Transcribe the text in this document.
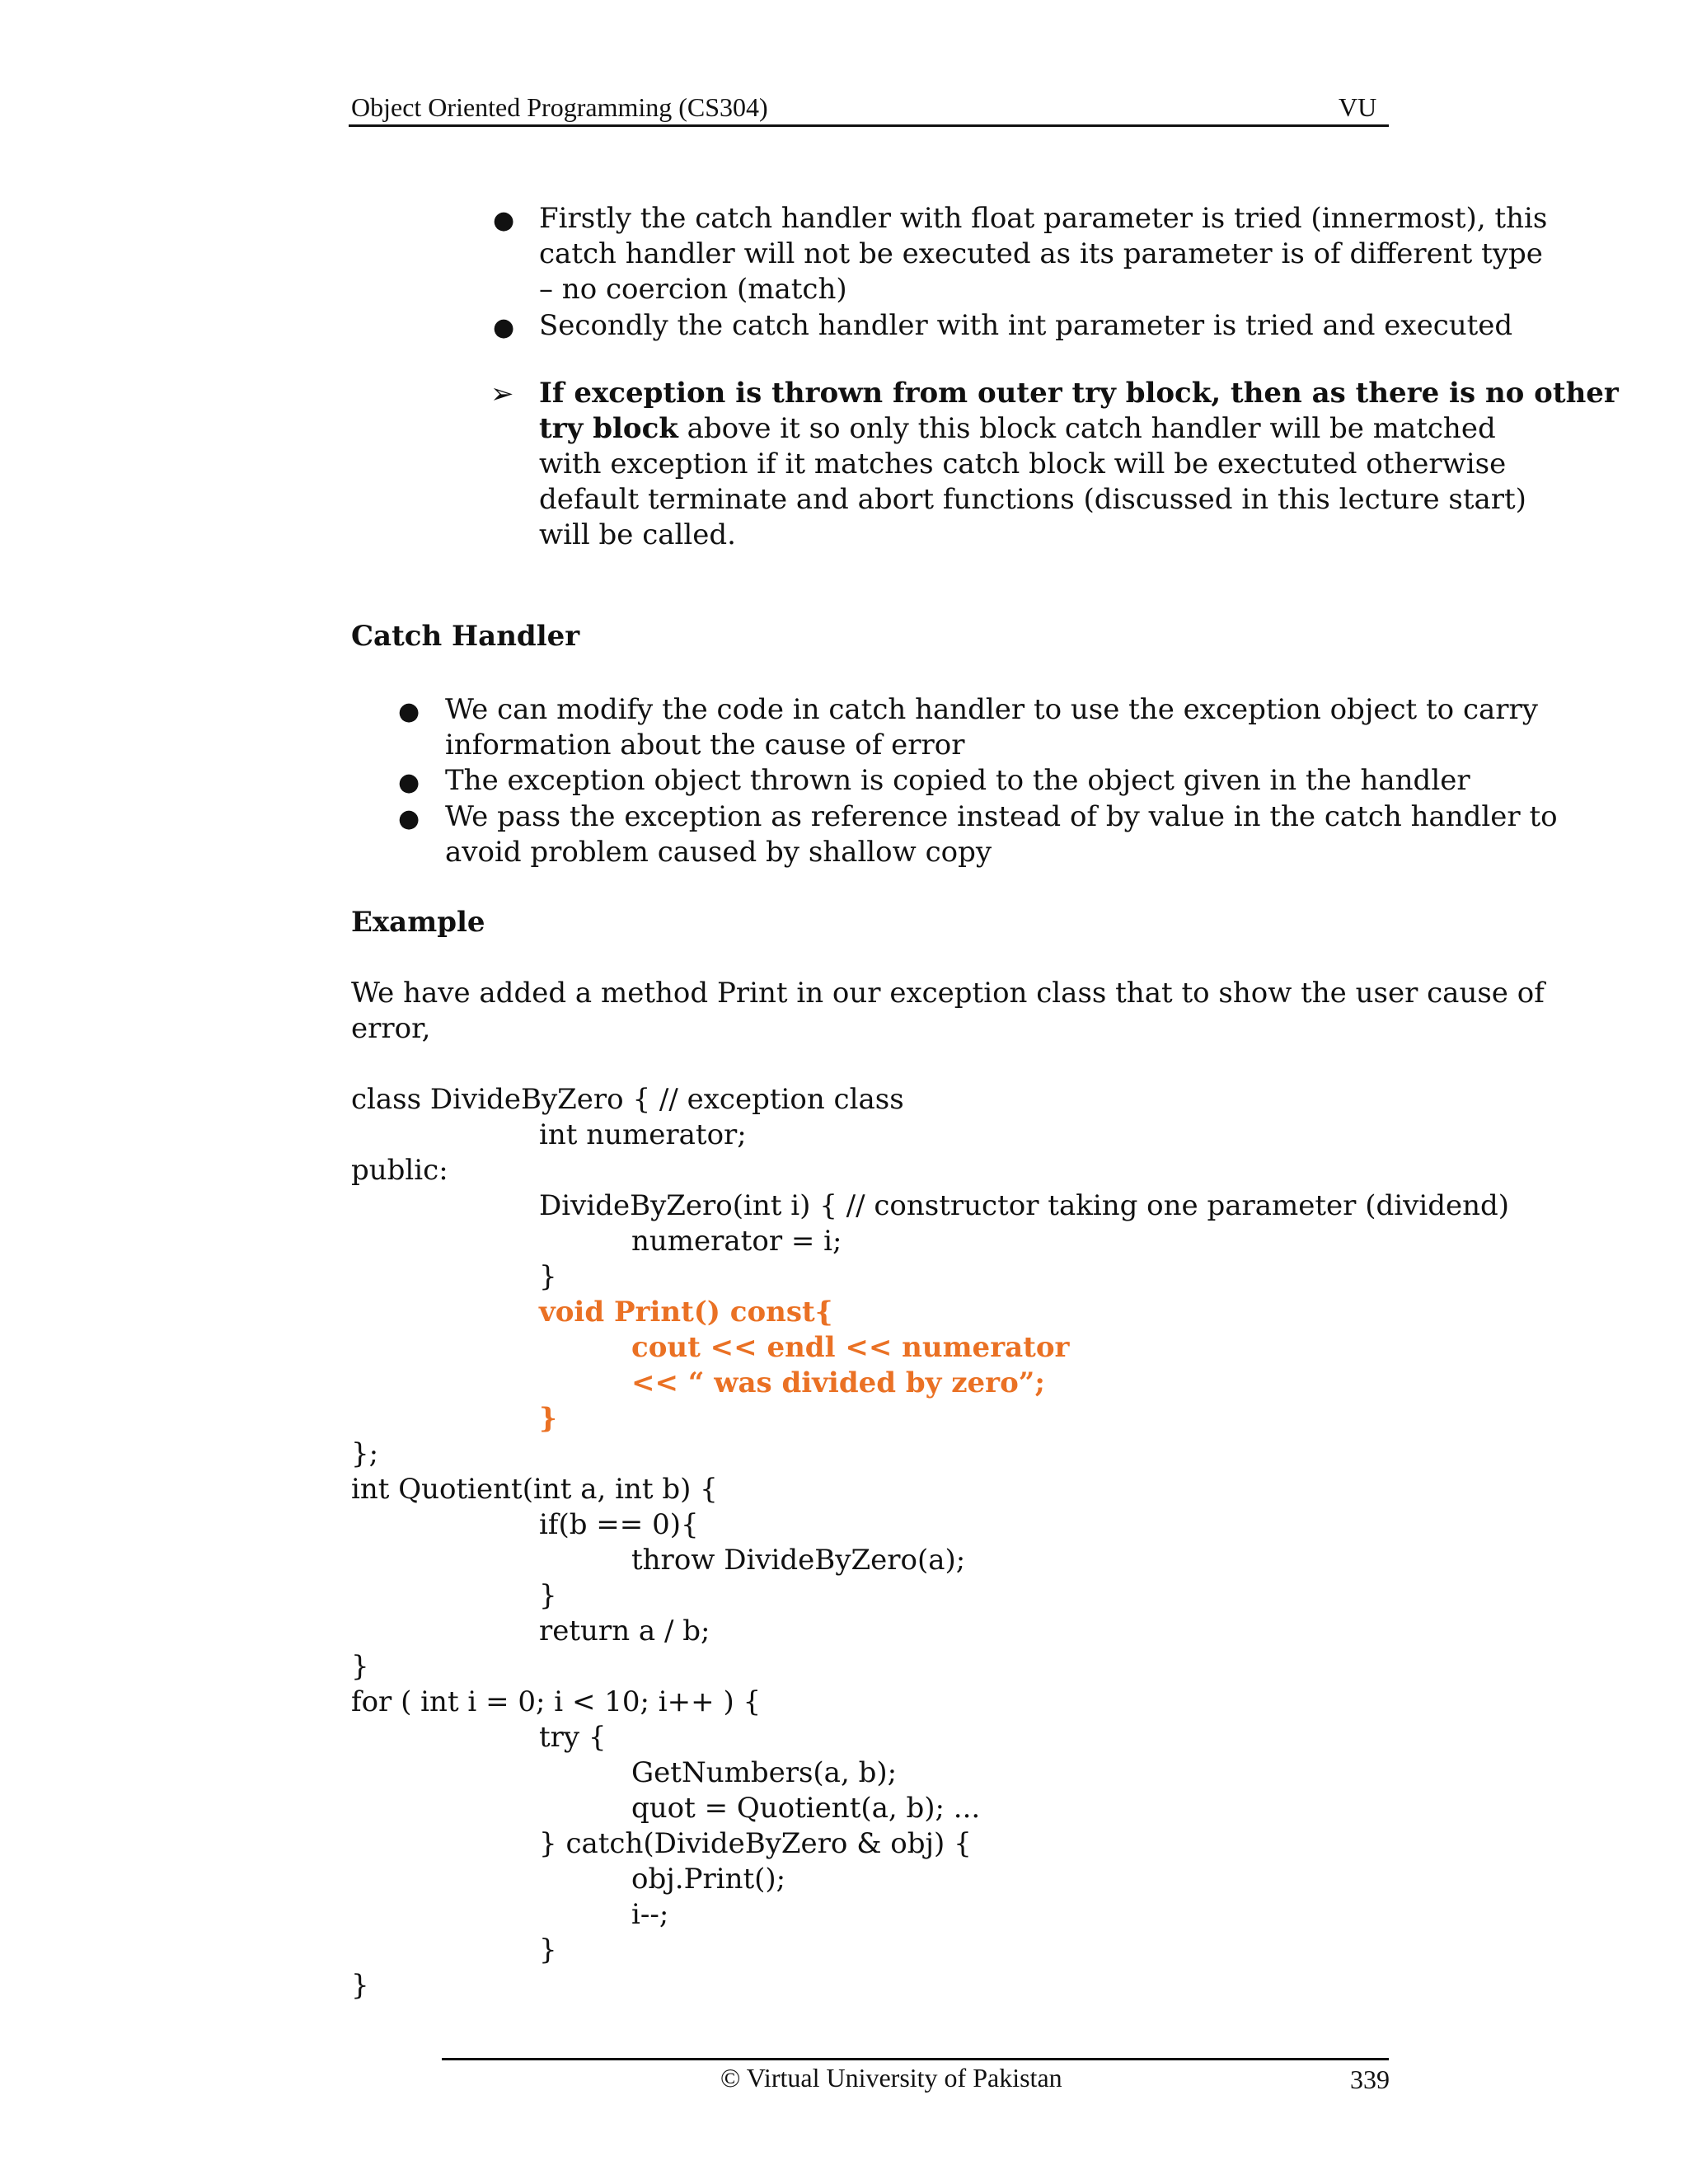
Object Oriented Programming (CS304)	VU
● Firstly the catch handler with float parameter is tried (innermost), this
catch handler will not be executed as its parameter is of different type
– no coercion (match)
● Secondly the catch handler with int parameter is tried and executed
➢ If exception is thrown from outer try block, then as there is no other
try block above it so only this block catch handler will be matched
with exception if it matches catch block will be exectuted otherwise
default terminate and abort functions (discussed in this lecture start)
will be called.
Catch Handler
● We can modify the code in catch handler to use the exception object to carry
information about the cause of error
● The exception object thrown is copied to the object given in the handler
● We pass the exception as reference instead of by value in the catch handler to
avoid problem caused by shallow copy
Example
We have added a method Print in our exception class that to show the user cause of
error,
class DivideByZero { // exception class
int numerator;
public:
DivideByZero(int i) { // constructor taking one parameter (dividend)
numerator = i;
}
void Print() const{
cout << endl << numerator
<< “ was divided by zero”;
}
};
int Quotient(int a, int b) {
if(b == 0){
throw DivideByZero(a);
}
return a / b;
}
for ( int i = 0; i < 10; i++ ) {
try {
GetNumbers(a, b);
quot = Quotient(a, b); ...
} catch(DivideByZero & obj) {
obj.Print();
i--;
}
}
© Virtual University of Pakistan	339
